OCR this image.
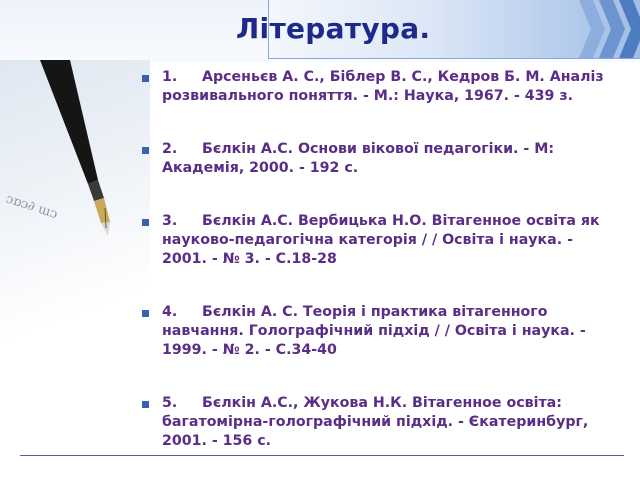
ᴐɒᴐ∂ ɯᴐ
Література.
1. Арсеньєв А. С., Біблер В. С., Кедров Б. М. Аналіз розвивального поняття. - М.: Наука, 1967. - 439 з.
2. Бєлкін А.С. Основи вікової педагогіки. - М: Академія, 2000. - 192 с.
3. Бєлкін А.С. Вербицька Н.О. Вітагенное освіта як науково-педагогічна категорія / / Освіта і наука. - 2001. - № 3. - С.18-28
4. Бєлкін А. С. Теорія і практика вітагенного навчання. Голографічний підхід / / Освіта і наука. - 1999. - № 2. - С.34-40
5. Бєлкін А.С., Жукова Н.К. Вітагенное освіта: багатомірна-голографічний підхід. - Єкатеринбург, 2001. - 156 с.
